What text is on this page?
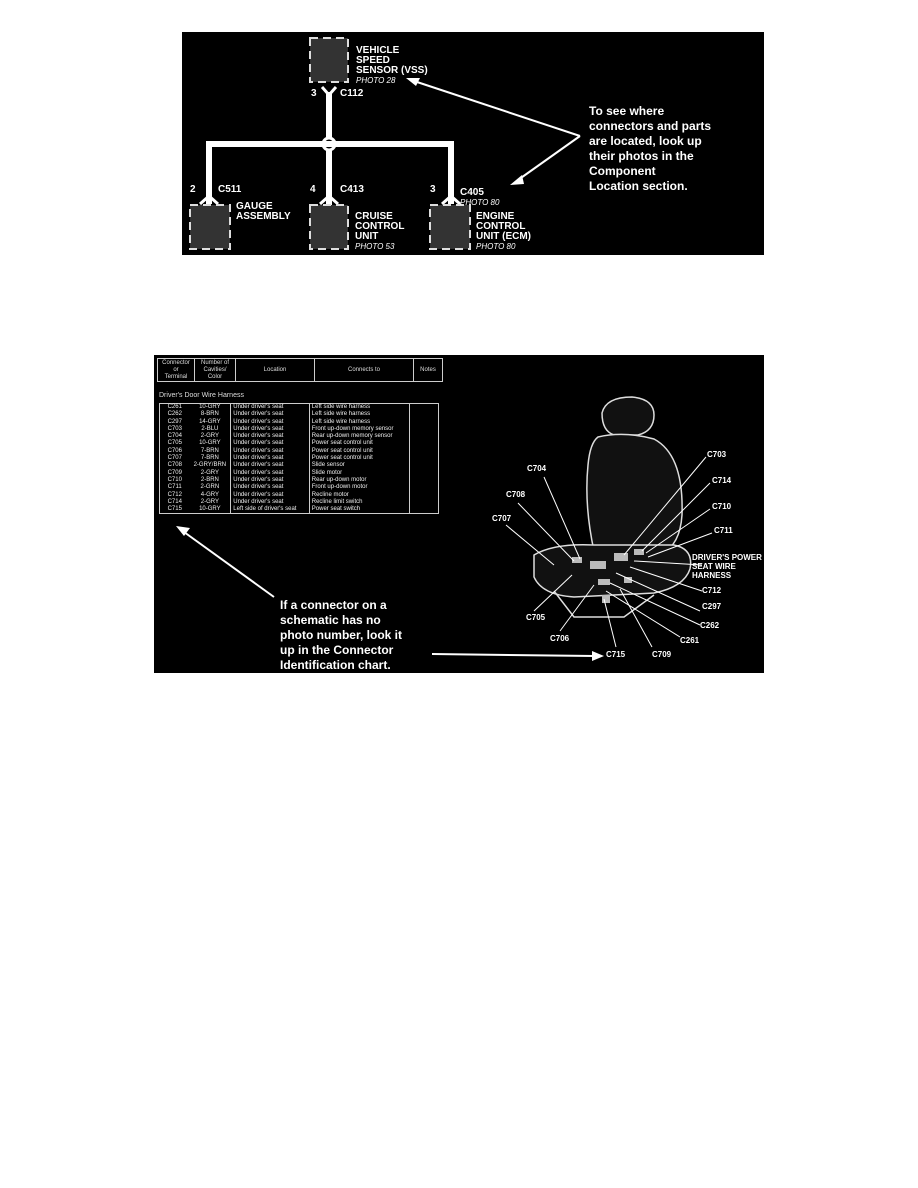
VEHICLE
SPEED
SENSOR (VSS)

PHOTO 28

3 C112
2 C511
GAUGE
ASSEMBLY
4 C413

CRUISE
CONTROL
UNIT

PHOTO 53

3 C405

PHOTO 80

ENGINE
CONTROL
UNIT (ECM)

PHOTO 80

To see where
connectors and parts
are located, look up
their photos in the
Component
Location section.
Connector
or
Terminal	Number of
Cavities/
Color	Location	Connects to	Notes
Driver's Door Wire Harness
C261	10-GRY	Under driver's seat	Left side wire harness	
C262	8-BRN	Under driver's seat	Left side wire harness	
C297	14-GRY	Under driver's seat	Left side wire harness	
C703	2-BLU	Under driver's seat	Front up-down memory sensor	
C704	2-GRY	Under driver's seat	Rear up-down memory sensor	
C705	10-GRY	Under driver's seat	Power seat control unit	
C706	7-BRN	Under driver's seat	Power seat control unit	
C707	7-BRN	Under driver's seat	Power seat control unit	
C708	2-GRY/BRN	Under driver's seat	Slide sensor	
C709	2-GRY	Under driver's seat	Slide motor	
C710	2-BRN	Under driver's seat	Rear up-down motor	
C711	2-GRN	Under driver's seat	Front up-down motor	
C712	4-GRY	Under driver's seat	Recline motor	
C714	2-GRY	Under driver's seat	Recline limit switch	
C715	10-GRY	Left side of driver's seat	Power seat switch	
C703
C714
C710
C711
C704
C708
C707
DRIVER'S POWER
SEAT WIRE
HARNESS
C712
C297
C262
C261
C705
C706
C715	C709
If a connector on a
schematic has no
photo number, look it
up in the Connector
Identification chart.
